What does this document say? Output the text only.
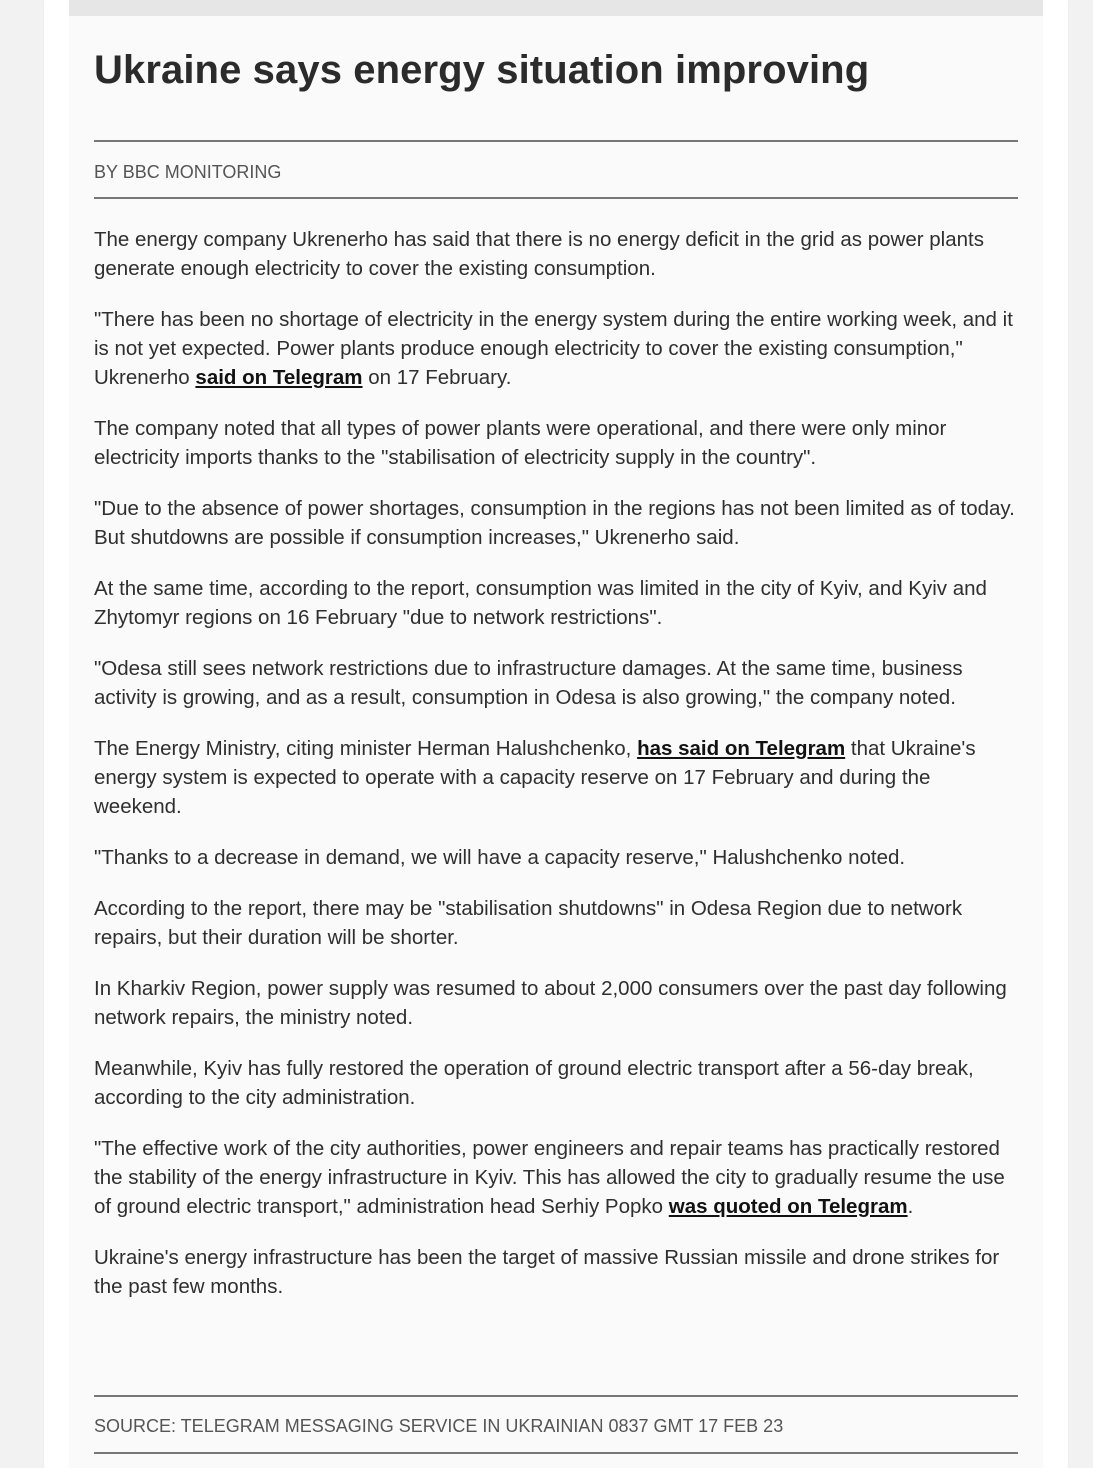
Ukraine says energy situation improving
BY BBC MONITORING

The energy company Ukrenerho has said that there is no energy deficit in the grid as power plants generate enough electricity to cover the existing consumption.

"There has been no shortage of electricity in the energy system during the entire working week, and it is not yet expected. Power plants produce enough electricity to cover the existing consumption," Ukrenerho said on Telegram on 17 February.

The company noted that all types of power plants were operational, and there were only minor electricity imports thanks to the "stabilisation of electricity supply in the country".

"Due to the absence of power shortages, consumption in the regions has not been limited as of today. But shutdowns are possible if consumption increases," Ukrenerho said.

At the same time, according to the report, consumption was limited in the city of Kyiv, and Kyiv and Zhytomyr regions on 16 February "due to network restrictions".

"Odesa still sees network restrictions due to infrastructure damages. At the same time, business activity is growing, and as a result, consumption in Odesa is also growing," the company noted.

The Energy Ministry, citing minister Herman Halushchenko, has said on Telegram that Ukraine's energy system is expected to operate with a capacity reserve on 17 February and during the weekend.

"Thanks to a decrease in demand, we will have a capacity reserve," Halushchenko noted.

According to the report, there may be "stabilisation shutdowns" in Odesa Region due to network repairs, but their duration will be shorter.

In Kharkiv Region, power supply was resumed to about 2,000 consumers over the past day following network repairs, the ministry noted.

Meanwhile, Kyiv has fully restored the operation of ground electric transport after a 56-day break, according to the city administration.

"The effective work of the city authorities, power engineers and repair teams has practically restored the stability of the energy infrastructure in Kyiv. This has allowed the city to gradually resume the use of ground electric transport," administration head Serhiy Popko was quoted on Telegram.

Ukraine's energy infrastructure has been the target of massive Russian missile and drone strikes for the past few months.

SOURCE: TELEGRAM MESSAGING SERVICE IN UKRAINIAN 0837 GMT 17 FEB 23
